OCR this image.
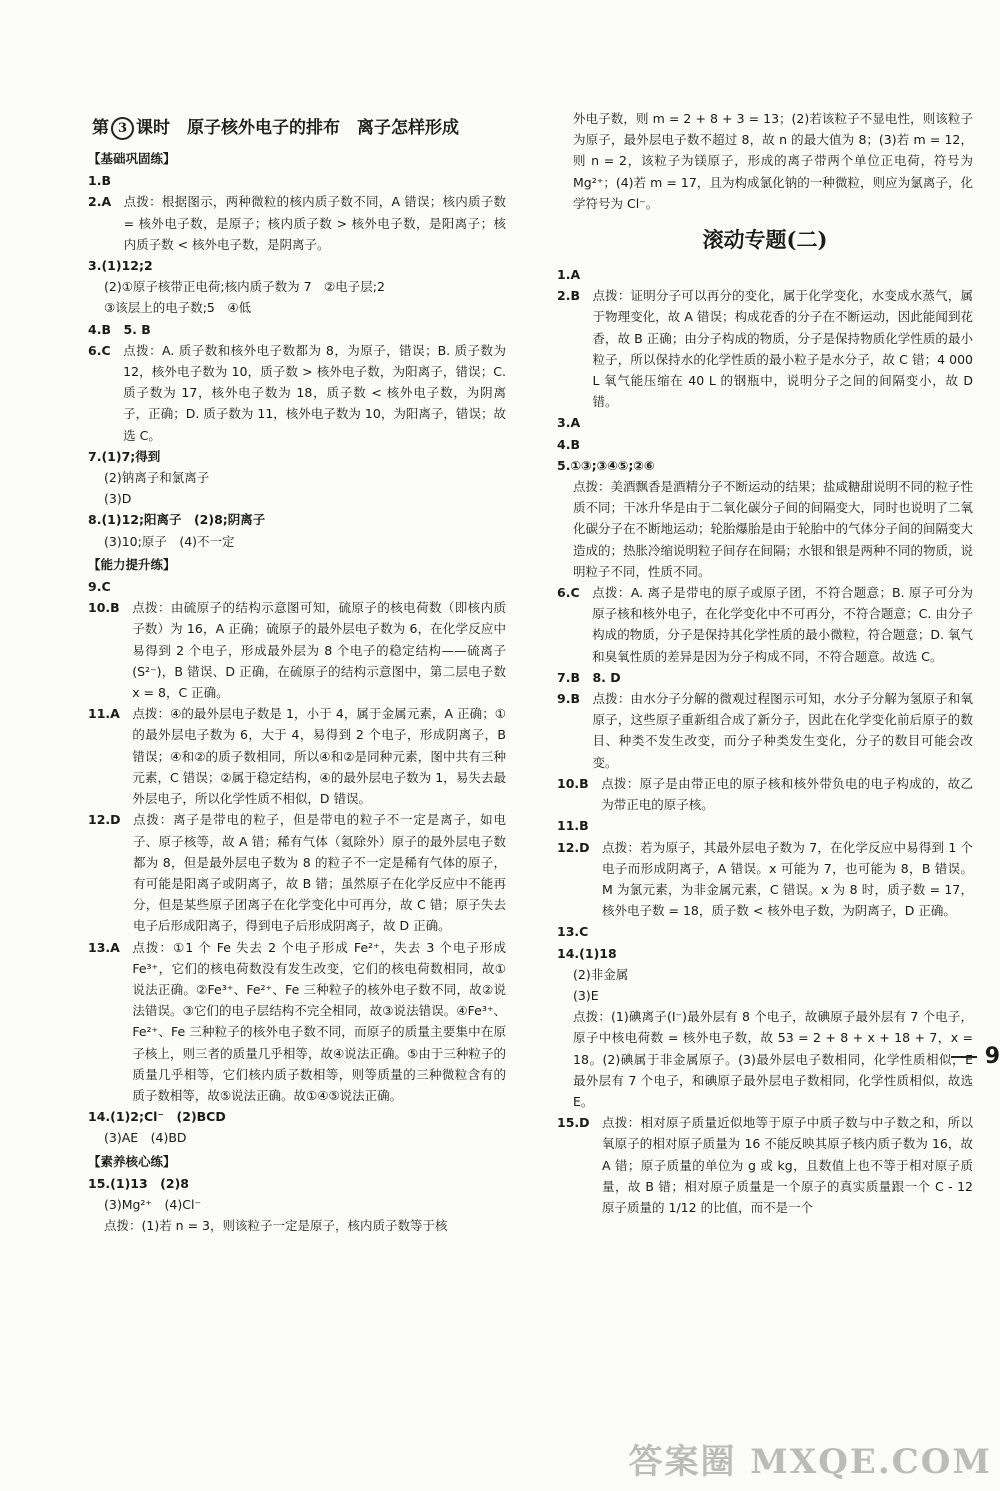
第 3 课时　原子核外电子的排布　离子怎样形成
【基础巩固练】
1. B
2. A　 点拨：根据图示，两种微粒的核内质子数不同，A 错误；核内质子数 = 核外电子数，是原子；核内质子数 > 核外电子数，是阳离子；核内质子数 < 核外电子数，是阴离子。
3. (1)12;2
(2)①原子核带正电荷;核内质子数为 7　②电子层;2
③该层上的电子数;5　④低
4. B　5. B
6. C　 点拨：A. 质子数和核外电子数都为 8，为原子，错误；B. 质子数为 12，核外电子数为 10，质子数 > 核外电子数，为阳离子，错误；C. 质子数为 17，核外电子数为 18，质子数 < 核外电子数，为阴离子，正确；D. 质子数为 11，核外电子数为 10，为阳离子，错误；故选 C。
7. (1)7;得到
(2)钠离子和氯离子
(3)D
8. (1)12;阳离子　(2)8;阴离子
(3)10;原子　(4)不一定
【能力提升练】
9. C
10. B　 点拨：由硫原子的结构示意图可知，硫原子的核电荷数（即核内质子数）为 16，A 正确；硫原子的最外层电子数为 6，在化学反应中易得到 2 个电子，形成最外层为 8 个电子的稳定结构——硫离子(S²⁻)，B 错误、D 正确，在硫原子的结构示意图中，第二层电子数 x = 8，C 正确。
11. A　 点拨：④的最外层电子数是 1，小于 4，属于金属元素，A 正确；①的最外层电子数为 6，大于 4，易得到 2 个电子，形成阴离子，B 错误；④和②的质子数相同，所以④和②是同种元素，图中共有三种元素，C 错误；②属于稳定结构，④的最外层电子数为 1，易失去最外层电子，所以化学性质不相似，D 错误。
12. D　 点拨：离子是带电的粒子，但是带电的粒子不一定是离子，如电子、原子核等，故 A 错；稀有气体（氦除外）原子的最外层电子数都为 8，但是最外层电子数为 8 的粒子不一定是稀有气体的原子，有可能是阳离子或阴离子，故 B 错；虽然原子在化学反应中不能再分，但是某些原子团离子在化学变化中可再分，故 C 错；原子失去电子后形成阳离子，得到电子后形成阴离子，故 D 正确。
13. A　 点拨：①1 个 Fe 失去 2 个电子形成 Fe²⁺，失去 3 个电子形成 Fe³⁺，它们的核电荷数没有发生改变，它们的核电荷数相同，故①说法正确。②Fe³⁺、Fe²⁺、Fe 三种粒子的核外电子数不同，故②说法错误。③它们的电子层结构不完全相同，故③说法错误。④Fe³⁺、Fe²⁺、Fe 三种粒子的核外电子数不同，而原子的质量主要集中在原子核上，则三者的质量几乎相等，故④说法正确。⑤由于三种粒子的质量几乎相等，它们核内质子数相等，则等质量的三种微粒含有的质子数相等，故⑤说法正确。故①④⑤说法正确。
14. (1)2;Cl⁻　(2)BCD
(3)AE　(4)BD
【素养核心练】
15. (1)13　(2)8
(3)Mg²⁺　(4)Cl⁻
点拨：(1)若 n = 3，则该粒子一定是原子，核内质子数等于核
外电子数，则 m = 2 + 8 + 3 = 13；(2)若该粒子不显电性，则该粒子为原子，最外层电子数不超过 8，故 n 的最大值为 8；(3)若 m = 12，则 n = 2，该粒子为镁原子，形成的离子带两个单位正电荷，符号为 Mg²⁺；(4)若 m = 17，且为构成氯化钠的一种微粒，则应为氯离子，化学符号为 Cl⁻。
滚动专题(二)
1. A
2. B　 点拨：证明分子可以再分的变化，属于化学变化，水变成水蒸气，属于物理变化，故 A 错误；构成花香的分子在不断运动，因此能闻到花香，故 B 正确；由分子构成的物质，分子是保持物质化学性质的最小粒子，所以保持水的化学性质的最小粒子是水分子，故 C 错；4 000 L 氧气能压缩在 40 L 的钢瓶中，说明分子之间的间隔变小，故 D 错。
3. A
4. B
5. ①③;③④⑤;②⑥
点拨：美酒飘香是酒精分子不断运动的结果；盐咸糖甜说明不同的粒子性质不同；干冰升华是由于二氧化碳分子间的间隔变大，同时也说明了二氧化碳分子在不断地运动；轮胎爆胎是由于轮胎中的气体分子间的间隔变大造成的；热胀冷缩说明粒子间存在间隔；水银和银是两种不同的物质，说明粒子不同，性质不同。
6. C　 点拨：A. 离子是带电的原子或原子团，不符合题意；B. 原子可分为原子核和核外电子，在化学变化中不可再分，不符合题意；C. 由分子构成的物质，分子是保持其化学性质的最小微粒，符合题意；D. 氧气和臭氧性质的差异是因为分子构成不同，不符合题意。故选 C。
7. B　8. D
9. B　 点拨：由水分子分解的微观过程图示可知，水分子分解为氢原子和氧原子，这些原子重新组合成了新分子，因此在化学变化前后原子的数目、种类不发生改变，而分子种类发生变化，分子的数目可能会改变。
10. B　 点拨：原子是由带正电的原子核和核外带负电的电子构成的，故乙为带正电的原子核。
11. B
12. D　 点拨：若为原子，其最外层电子数为 7，在化学反应中易得到 1 个电子而形成阴离子，A 错误。x 可能为 7，也可能为 8，B 错误。M 为氯元素，为非金属元素，C 错误。x 为 8 时，质子数 = 17，核外电子数 = 18，质子数 < 核外电子数，为阴离子，D 正确。
13. C
14. (1)18
(2)非金属
(3)E
点拨：(1)碘离子(I⁻)最外层有 8 个电子，故碘原子最外层有 7 个电子，原子中核电荷数 = 核外电子数，故 53 = 2 + 8 + x + 18 + 7，x = 18。(2)碘属于非金属原子。(3)最外层电子数相同，化学性质相似，E 最外层有 7 个电子，和碘原子最外层电子数相同，化学性质相似，故选 E。
15. D　 点拨：相对原子质量近似地等于原子中质子数与中子数之和，所以氧原子的相对原子质量为 16 不能反映其原子核内质子数为 16，故 A 错；原子质量的单位为 g 或 kg，且数值上也不等于相对原子质量，故 B 错；相对原子质量是一个原子的真实质量跟一个 C - 12 原子质量的 1/12 的比值，而不是一个
9
答案圈 MXQE.COM
